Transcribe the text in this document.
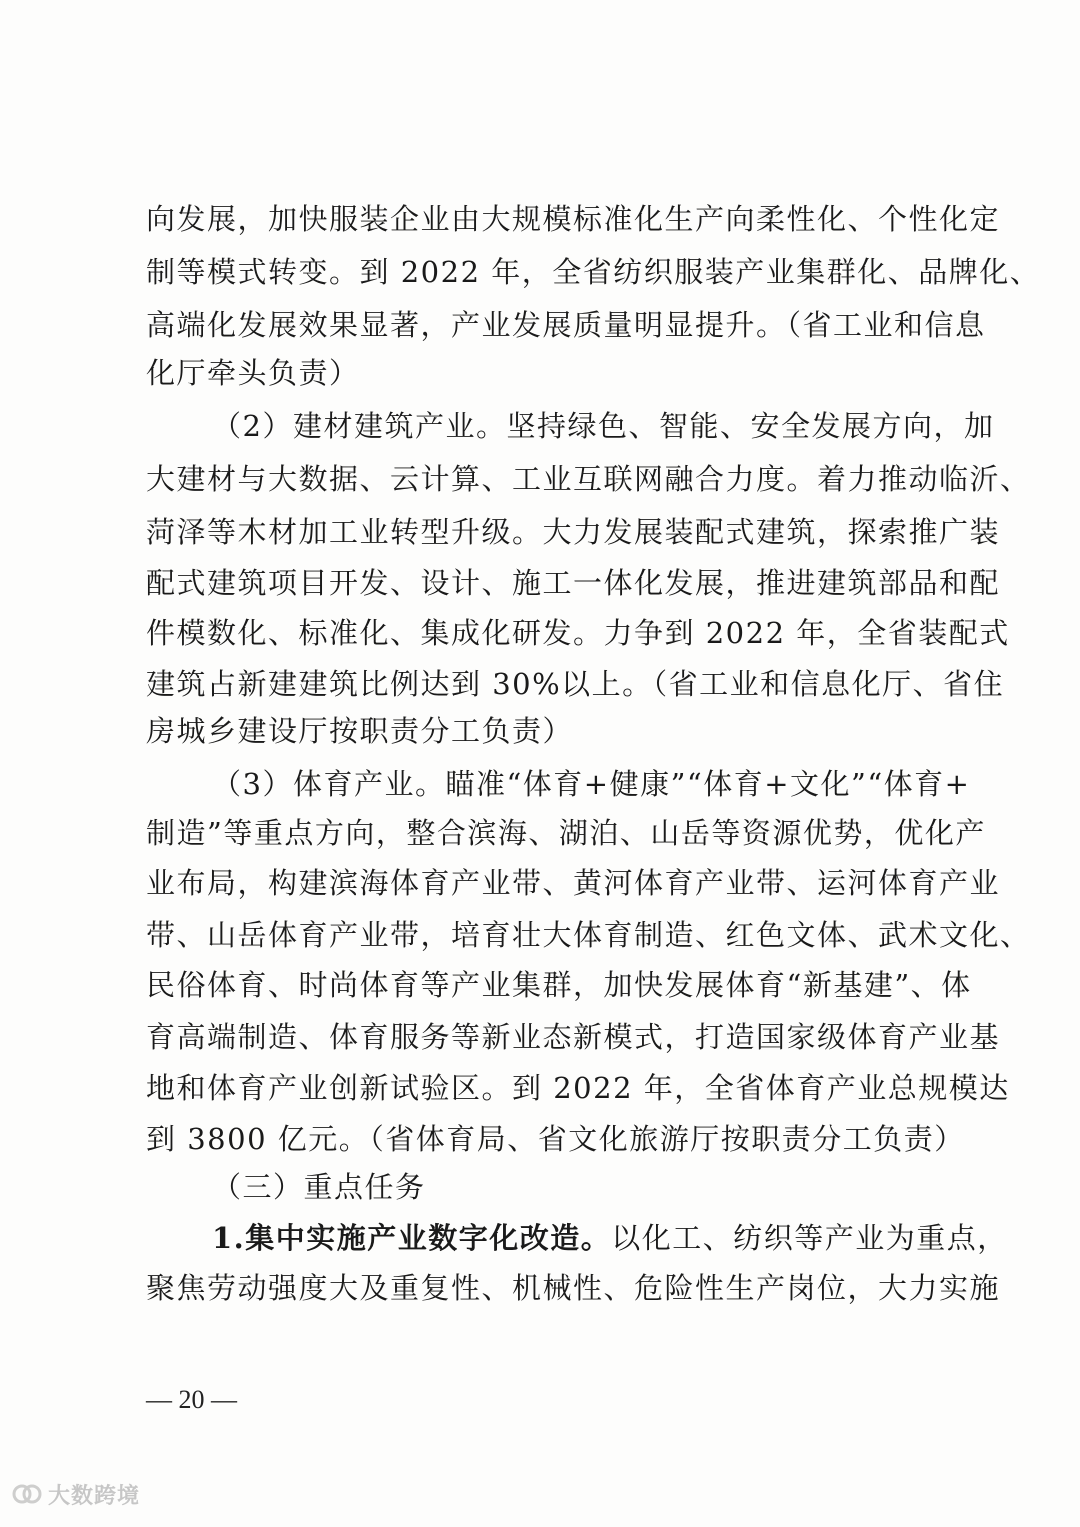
向发展，加快服装企业由大规模标准化生产向柔性化、个性化定
制等模式转变。到 2022 年，全省纺织服装产业集群化、品牌化、
高端化发展效果显著，产业发展质量明显提升。（省工业和信息
化厅牵头负责）
（2）建材建筑产业。坚持绿色、智能、安全发展方向，加
大建材与大数据、云计算、工业互联网融合力度。着力推动临沂、
菏泽等木材加工业转型升级。大力发展装配式建筑，探索推广装
配式建筑项目开发、设计、施工一体化发展，推进建筑部品和配
件模数化、标准化、集成化研发。力争到 2022 年，全省装配式
建筑占新建建筑比例达到 30%以上。（省工业和信息化厅、省住
房城乡建设厅按职责分工负责）
（3）体育产业。瞄准“体育+健康”“体育+文化”“体育+
制造”等重点方向，整合滨海、湖泊、山岳等资源优势，优化产
业布局，构建滨海体育产业带、黄河体育产业带、运河体育产业
带、山岳体育产业带，培育壮大体育制造、红色文体、武术文化、
民俗体育、时尚体育等产业集群，加快发展体育“新基建”、体
育高端制造、体育服务等新业态新模式，打造国家级体育产业基
地和体育产业创新试验区。到 2022 年，全省体育产业总规模达
到 3800 亿元。（省体育局、省文化旅游厅按职责分工负责）
（三）重点任务
1.集中实施产业数字化改造。以化工、纺织等产业为重点，
聚焦劳动强度大及重复性、机械性、危险性生产岗位，大力实施
— 20 —
大数跨境
